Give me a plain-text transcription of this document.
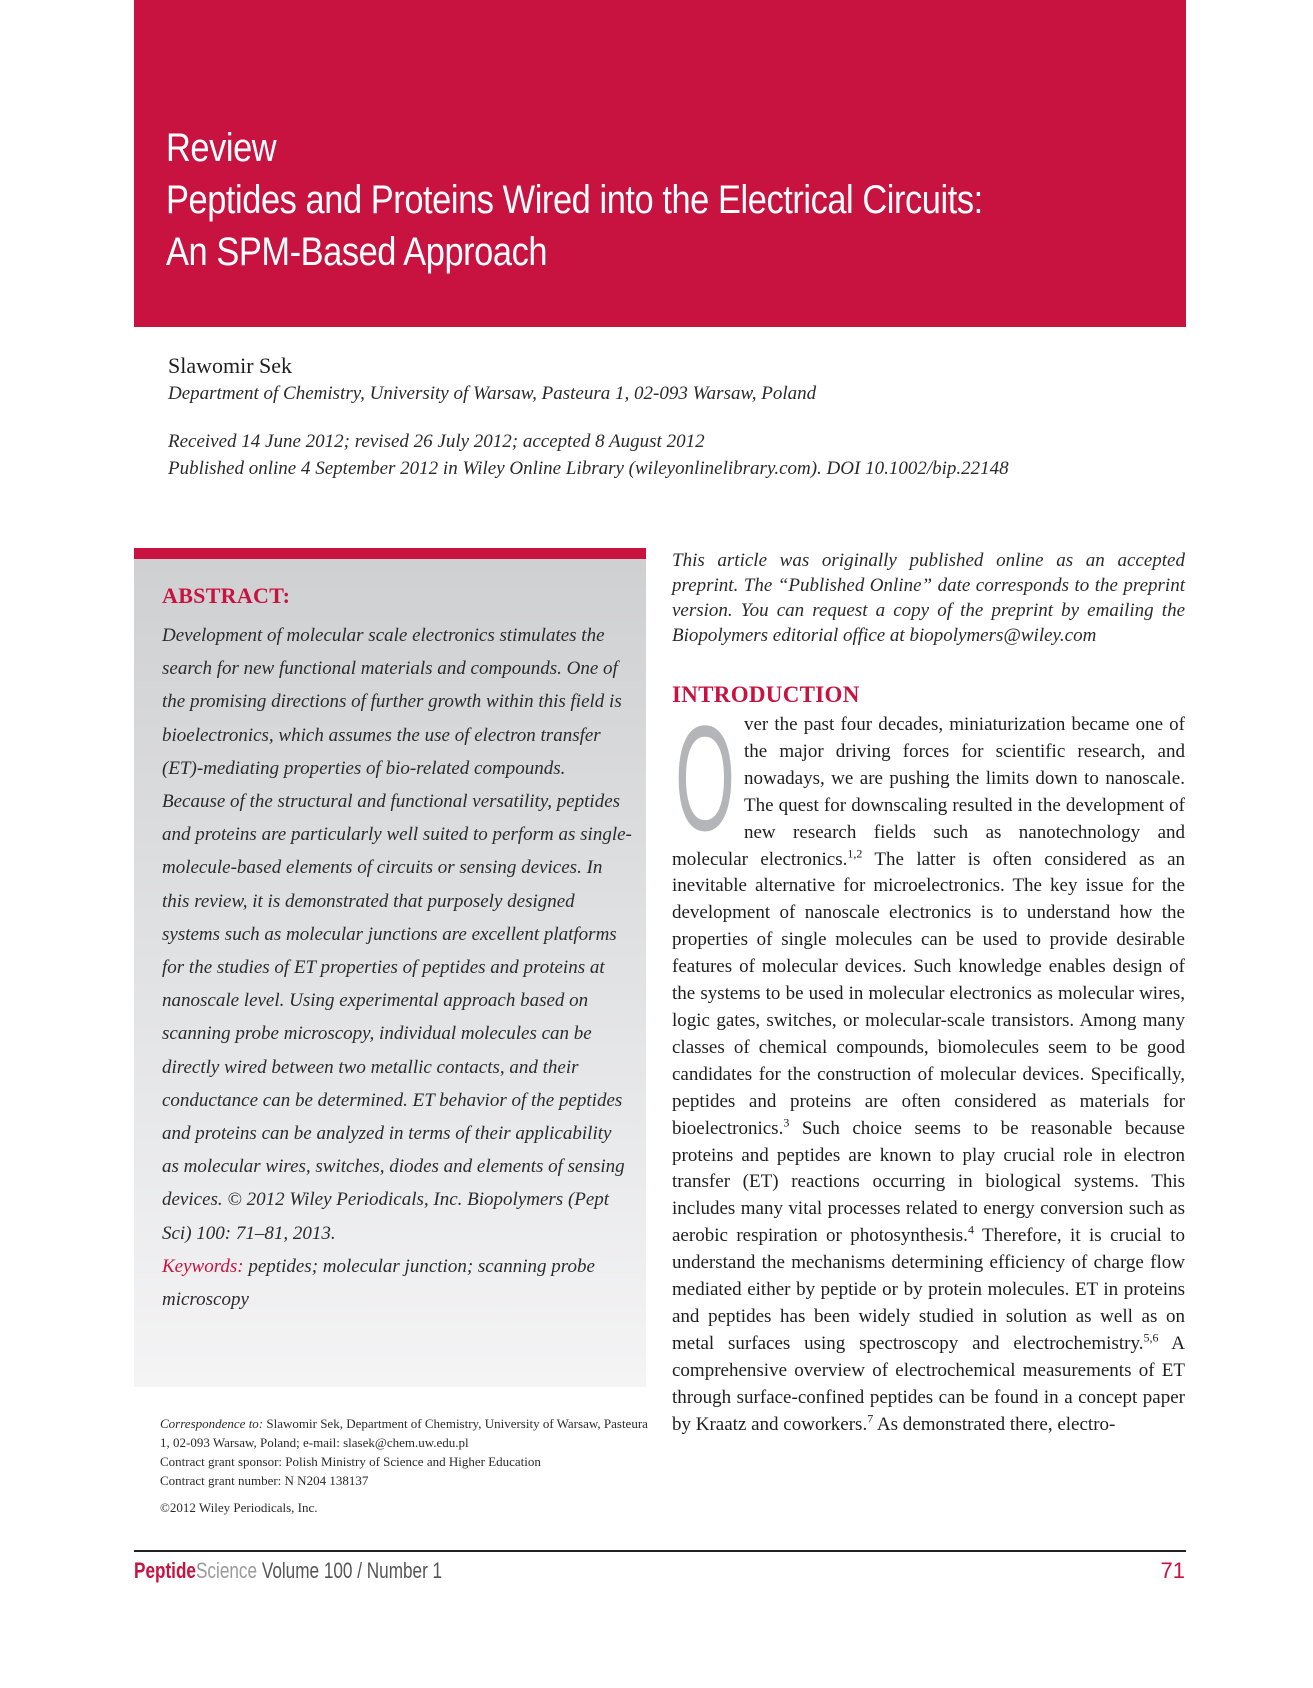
Review
Peptides and Proteins Wired into the Electrical Circuits:
An SPM-Based Approach
Slawomir Sek
Department of Chemistry, University of Warsaw, Pasteura 1, 02-093 Warsaw, Poland
Received 14 June 2012; revised 26 July 2012; accepted 8 August 2012
Published online 4 September 2012 in Wiley Online Library (wileyonlinelibrary.com). DOI 10.1002/bip.22148
ABSTRACT:

Development of molecular scale electronics stimulates the search for new functional materials and compounds. One of the promising directions of further growth within this field is bioelectronics, which assumes the use of electron transfer (ET)-mediating properties of bio-related compounds. Because of the structural and functional versatility, peptides and proteins are particularly well suited to perform as single-molecule-based elements of circuits or sensing devices. In this review, it is demonstrated that purposely designed systems such as molecular junctions are excellent platforms for the studies of ET properties of peptides and proteins at nanoscale level. Using experimental approach based on scanning probe microscopy, individual molecules can be directly wired between two metallic contacts, and their conductance can be determined. ET behavior of the peptides and proteins can be analyzed in terms of their applicability as molecular wires, switches, diodes and elements of sensing devices. © 2012 Wiley Periodicals, Inc. Biopolymers (Pept Sci) 100: 71–81, 2013.

Keywords: peptides; molecular junction; scanning probe microscopy

Correspondence to: Slawomir Sek, Department of Chemistry, University of Warsaw, Pasteura 1, 02-093 Warsaw, Poland; e-mail: slasek@chem.uw.edu.pl
Contract grant sponsor: Polish Ministry of Science and Higher Education
Contract grant number: N N204 138137
©2012 Wiley Periodicals, Inc.

This article was originally published online as an accepted preprint. The “Published Online” date corresponds to the preprint version. You can request a copy of the preprint by emailing the Biopolymers editorial office at biopolymers@wiley.com

INTRODUCTION

O ver the past four decades, miniaturization became one of the major driving forces for scientific research, and nowadays, we are pushing the limits down to nanoscale. The quest for downscaling resulted in the development of new research fields such as nanotechnology and molecular electronics.$^{1,2}$ The latter is often considered as an inevitable alternative for microelectronics. The key issue for the development of nanoscale electronics is to understand how the properties of single molecules can be used to provide desirable features of molecular devices. Such knowledge enables design of the systems to be used in molecular electronics as molecular wires, logic gates, switches, or molecular-scale transistors. Among many classes of chemical compounds, biomolecules seem to be good candidates for the construction of molecular devices. Specifically, peptides and proteins are often considered as materials for bioelectronics.$^3$ Such choice seems to be reasonable because proteins and peptides are known to play crucial role in electron transfer (ET) reactions occurring in biological systems. This includes many vital processes related to energy conversion such as aerobic respiration or photosynthesis.$^4$ Therefore, it is crucial to understand the mechanisms determining efficiency of charge flow mediated either by peptide or by protein molecules. ET in proteins and peptides has been widely studied in solution as well as on metal surfaces using spectroscopy and electrochemistry.$^{5,6}$ A comprehensive overview of electrochemical measurements of ET through surface-confined peptides can be found in a concept paper by Kraatz and coworkers.$^7$ As demonstrated there, electro-

PeptideScience Volume 100 / Number 1	71
